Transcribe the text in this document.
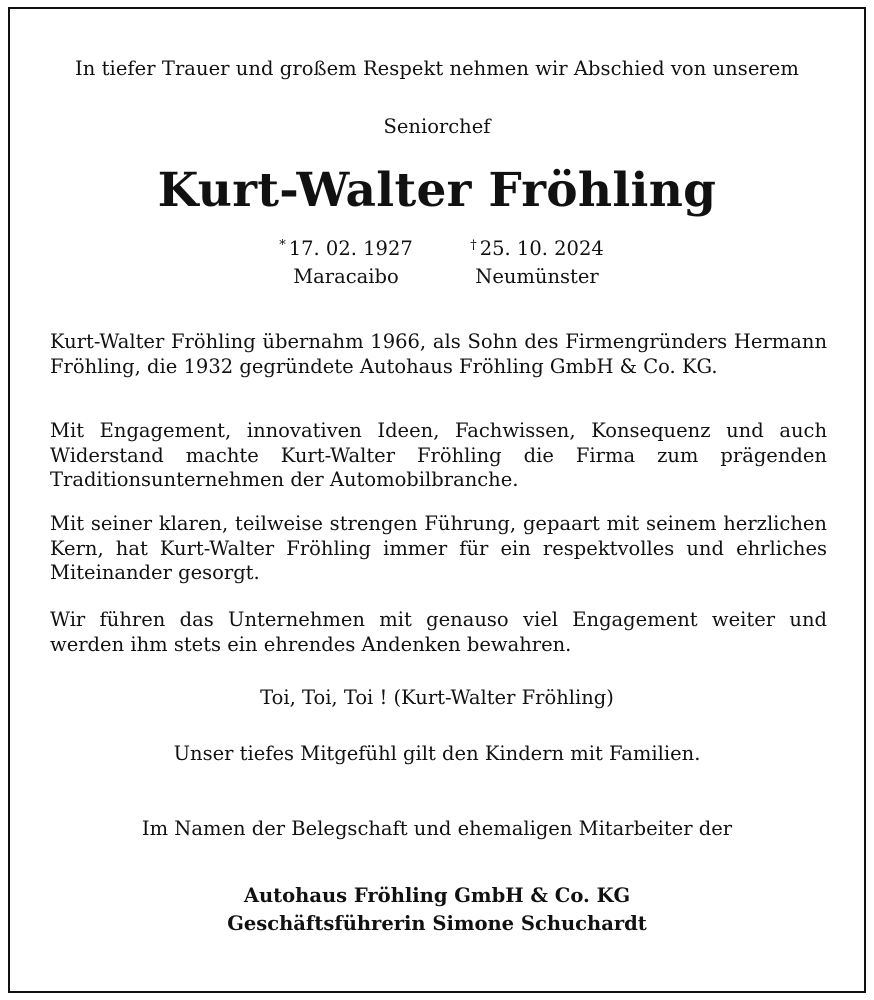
In tiefer Trauer und großem Respekt nehmen wir Abschied von unserem
Seniorchef
Kurt-Walter Fröhling
* 17. 02. 1927
Maracaibo
† 25. 10. 2024
Neumünster
Kurt-Walter Fröhling übernahm 1966, als Sohn des Firmengründers Hermann Fröhling, die 1932 gegründete Autohaus Fröhling GmbH & Co. KG.
Mit Engagement, innovativen Ideen, Fachwissen, Konsequenz und auch Widerstand machte Kurt-Walter Fröhling die Firma zum prägenden Traditionsunternehmen der Automobilbranche.
Mit seiner klaren, teilweise strengen Führung, gepaart mit seinem herzlichen Kern, hat Kurt-Walter Fröhling immer für ein respektvolles und ehrliches Miteinander gesorgt.
Wir führen das Unternehmen mit genauso viel Engagement weiter und werden ihm stets ein ehrendes Andenken bewahren.
Toi, Toi, Toi ! (Kurt-Walter Fröhling)
Unser tiefes Mitgefühl gilt den Kindern mit Familien.
Im Namen der Belegschaft und ehemaligen Mitarbeiter der
Autohaus Fröhling GmbH & Co. KG
Geschäftsführerin Simone Schuchardt
